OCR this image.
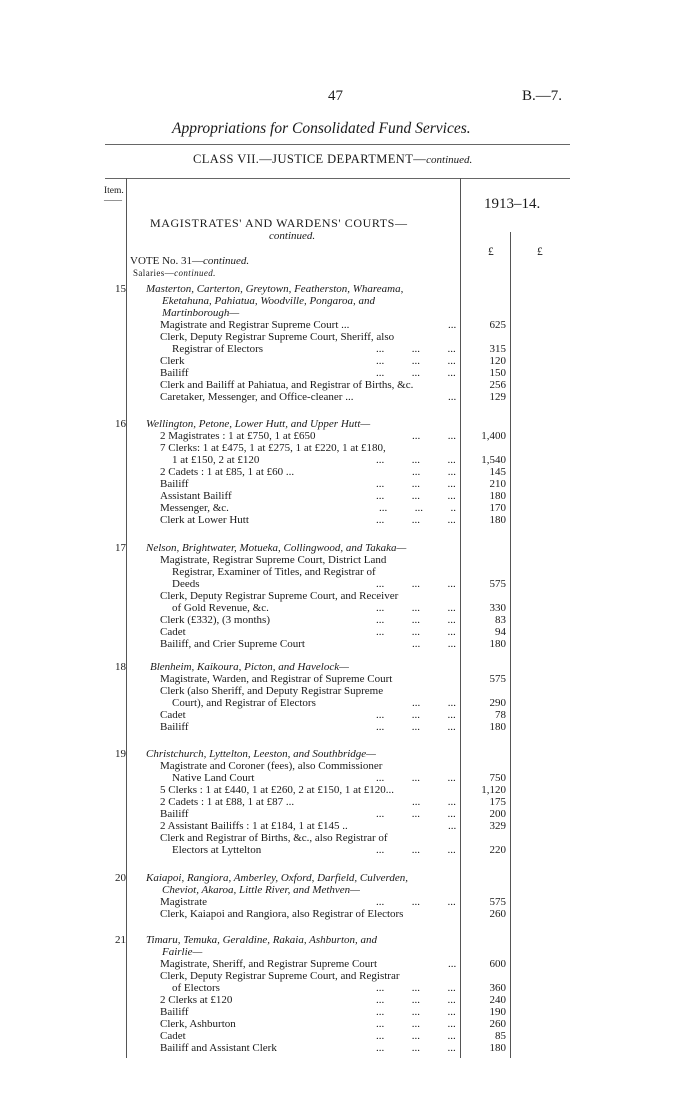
47	B.—7.
Appropriations for Consolidated Fund Services.
CLASS VII.—JUSTICE DEPARTMENT—continued.
Item.
——	1913–14.
MAGISTRATES' AND WARDENS' COURTS—
continued.
£	£
VOTE No. 31—continued.
Salaries—continued.
15 Masterton, Carterton, Greytown, Featherston, Whareama,
Eketahuna, Pahiatua, Woodville, Pongaroa, and
Martinborough—
Magistrate and Registrar Supreme Court ...	...	625
Clerk, Deputy Registrar Supreme Court, Sheriff, also
Registrar of Electors	...          ...          ...	315
Clerk	...          ...          ...	120
Bailiff	...          ...          ...	150
Clerk and Bailiff at Pahiatua, and Registrar of Births, &c.	256
Caretaker, Messenger, and Office-cleaner ...	...	129
16 Wellington, Petone, Lower Hutt, and Upper Hutt—
2 Magistrates : 1 at £750, 1 at £650	...          ...	1,400
7 Clerks: 1 at £475, 1 at £275, 1 at £220, 1 at £180,
1 at £150, 2 at £120	...          ...          ...	1,540
2 Cadets : 1 at £85, 1 at £60 ...	...          ...	145
Bailiff	...          ...          ...	210
Assistant Bailiff	...          ...          ...	180
Messenger, &c.	...          ...          ..	170
Clerk at Lower Hutt	...          ...          ...	180
17 Nelson, Brightwater, Motueka, Collingwood, and Takaka—
Magistrate, Registrar Supreme Court, District Land
Registrar, Examiner of Titles, and Registrar of
Deeds	...          ...          ...	575
Clerk, Deputy Registrar Supreme Court, and Receiver
of Gold Revenue, &c.	...          ...          ...	330
Clerk (£332), (3 months)	...          ...          ...	83
Cadet	...          ...          ...	94
Bailiff, and Crier Supreme Court	...          ...	180
18 Blenheim, Kaikoura, Picton, and Havelock—
Magistrate, Warden, and Registrar of Supreme Court	575
Clerk (also Sheriff, and Deputy Registrar Supreme
Court), and Registrar of Electors	...          ...	290
Cadet	...          ...          ...	78
Bailiff	...          ...          ...	180
19 Christchurch, Lyttelton, Leeston, and Southbridge—
Magistrate and Coroner (fees), also Commissioner
Native Land Court	...          ...          ...	750
5 Clerks : 1 at £440, 1 at £260, 2 at £150, 1 at £120...	1,120
2 Cadets : 1 at £88, 1 at £87 ...	...          ...	175
Bailiff	...          ...          ...	200
2 Assistant Bailiffs : 1 at £184, 1 at £145 ..	...	329
Clerk and Registrar of Births, &c., also Registrar of
Electors at Lyttelton	...          ...          ...	220
20 Kaiapoi, Rangiora, Amberley, Oxford, Darfield, Culverden,
Cheviot, Akaroa, Little River, and Methven—
Magistrate	...          ...          ...	575
Clerk, Kaiapoi and Rangiora, also Registrar of Electors	260
21 Timaru, Temuka, Geraldine, Rakaia, Ashburton, and
Fairlie—
Magistrate, Sheriff, and Registrar Supreme Court	...	600
Clerk, Deputy Registrar Supreme Court, and Registrar
of Electors	...          ...          ...	360
2 Clerks at £120	...          ...          ...	240
Bailiff	...          ...          ...	190
Clerk, Ashburton	...          ...          ...	260
Cadet	...          ...          ...	85
Bailiff and Assistant Clerk	...          ...          ...	180
